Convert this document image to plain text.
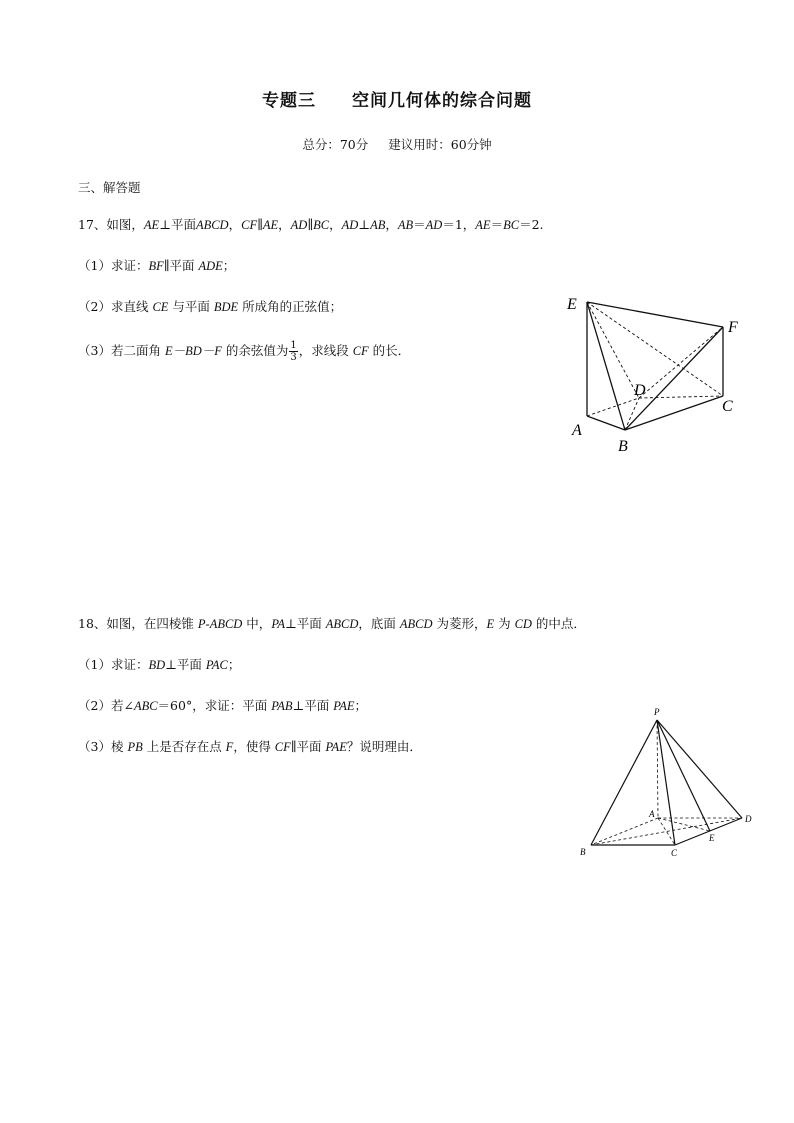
专题三 空间几何体的综合问题
总分：70分 建议用时：60分钟
三、解答题
17、如图，AE⊥平面ABCD，CF∥AE，AD∥BC，AD⊥AB，AB＝AD＝1，AE＝BC＝2.
（1）求证：BF∥平面 ADE；
（2）求直线 CE 与平面 BDE 所成角的正弦值；
（3）若二面角 E－BD－F 的余弦值为 $\frac{1}{3}$ ，求线段 CF 的长．
E
F
D
C
A
B
18、如图，在四棱锥 P-ABCD 中，PA⊥平面 ABCD，底面 ABCD 为菱形，E 为 CD 的中点．
（1）求证：BD⊥平面 PAC；
（2）若∠ABC＝60°，求证：平面 PAB⊥平面 PAE；
（3）棱 PB 上是否存在点 F，使得 CF∥平面 PAE？说明理由．
P
A	D
B	C
E
